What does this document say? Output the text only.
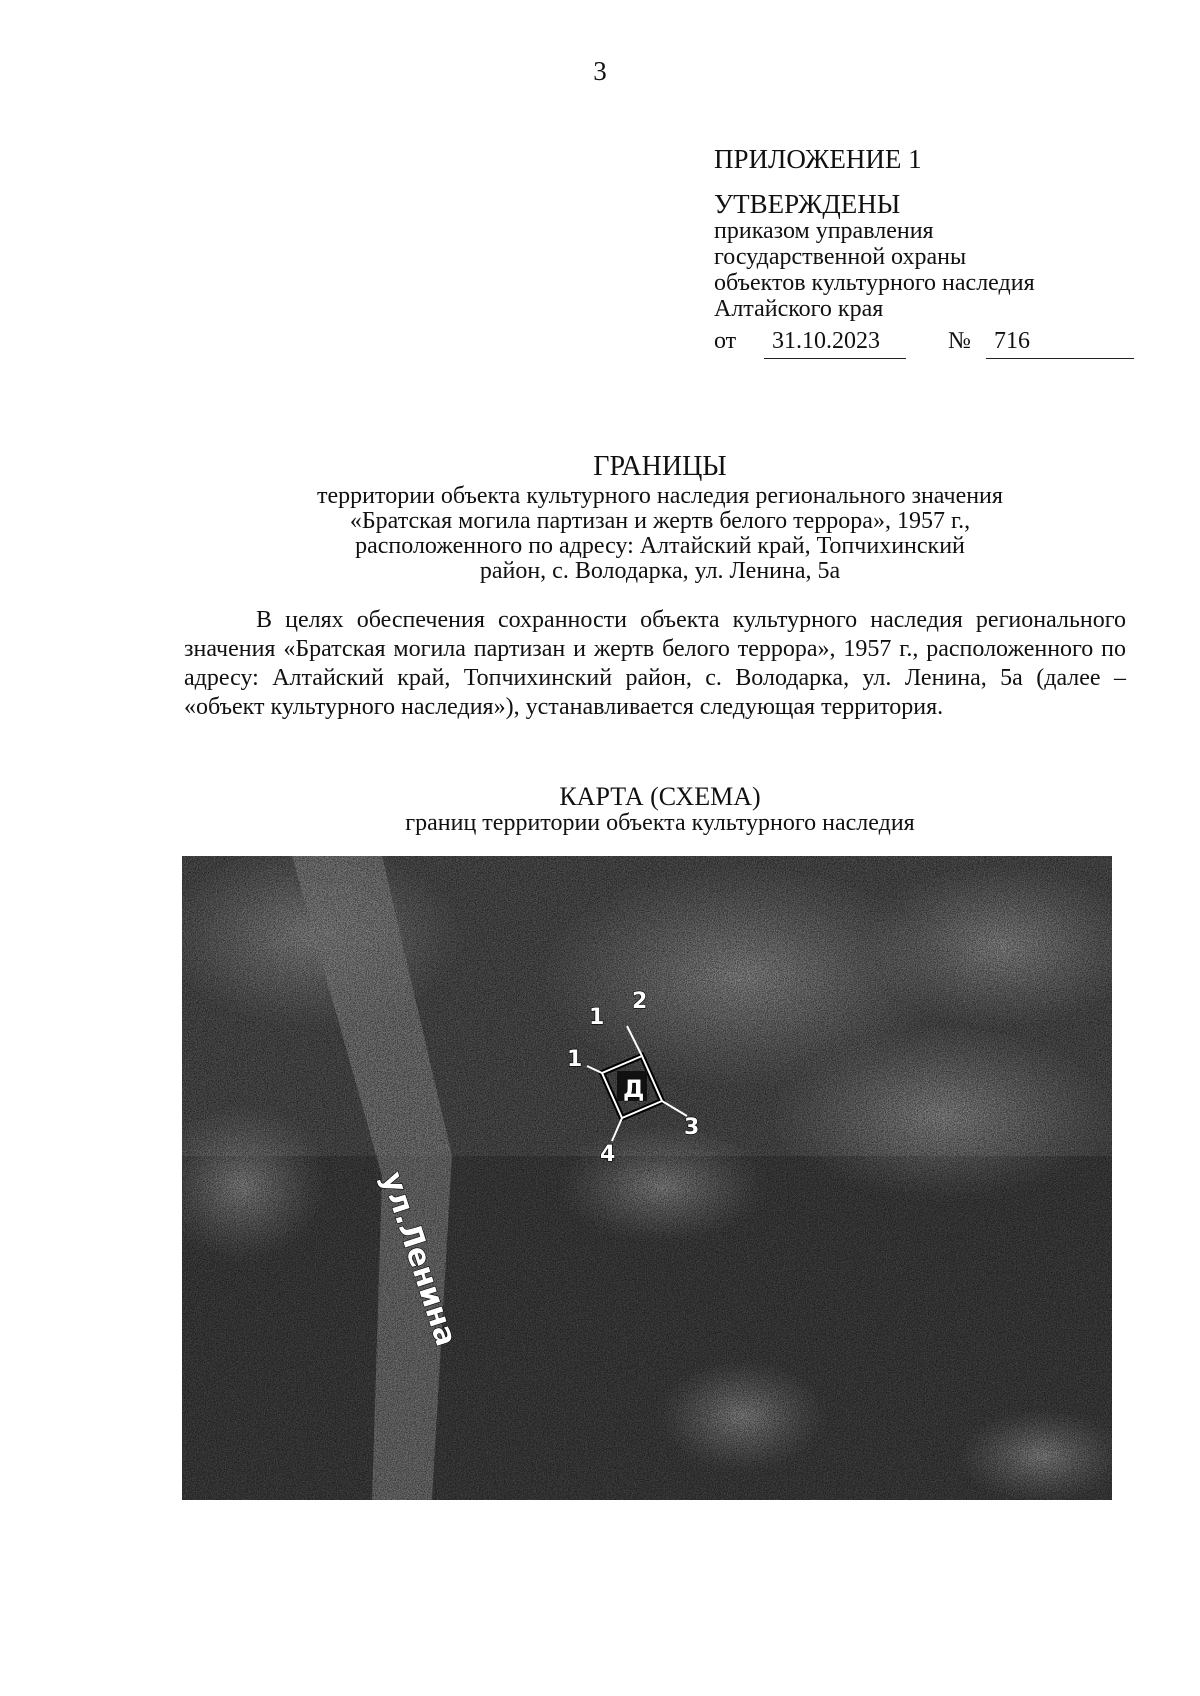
3
ПРИЛОЖЕНИЕ 1
УТВЕРЖДЕНЫ
приказом управления
государственной охраны
объектов культурного наследия
Алтайского края
от 31.10.2023	№ 716
ГРАНИЦЫ
территории объекта культурного наследия регионального значения
«Братская могила партизан и жертв белого террора», 1957 г.,
расположенного по адресу: Алтайский край, Топчихинский
район, с. Володарка, ул. Ленина, 5а
В целях обеспечения сохранности объекта культурного наследия регионального значения «Братская могила партизан и жертв белого террора», 1957 г., расположенного по адресу: Алтайский край, Топчихинский район, с. Володарка, ул. Ленина, 5а (далее – «объект культурного наследия»), устанавливается следующая территория.
КАРТА (СХЕМА)
границ территории объекта культурного наследия
ул.Ленина
Д
1
2
3
4
1
